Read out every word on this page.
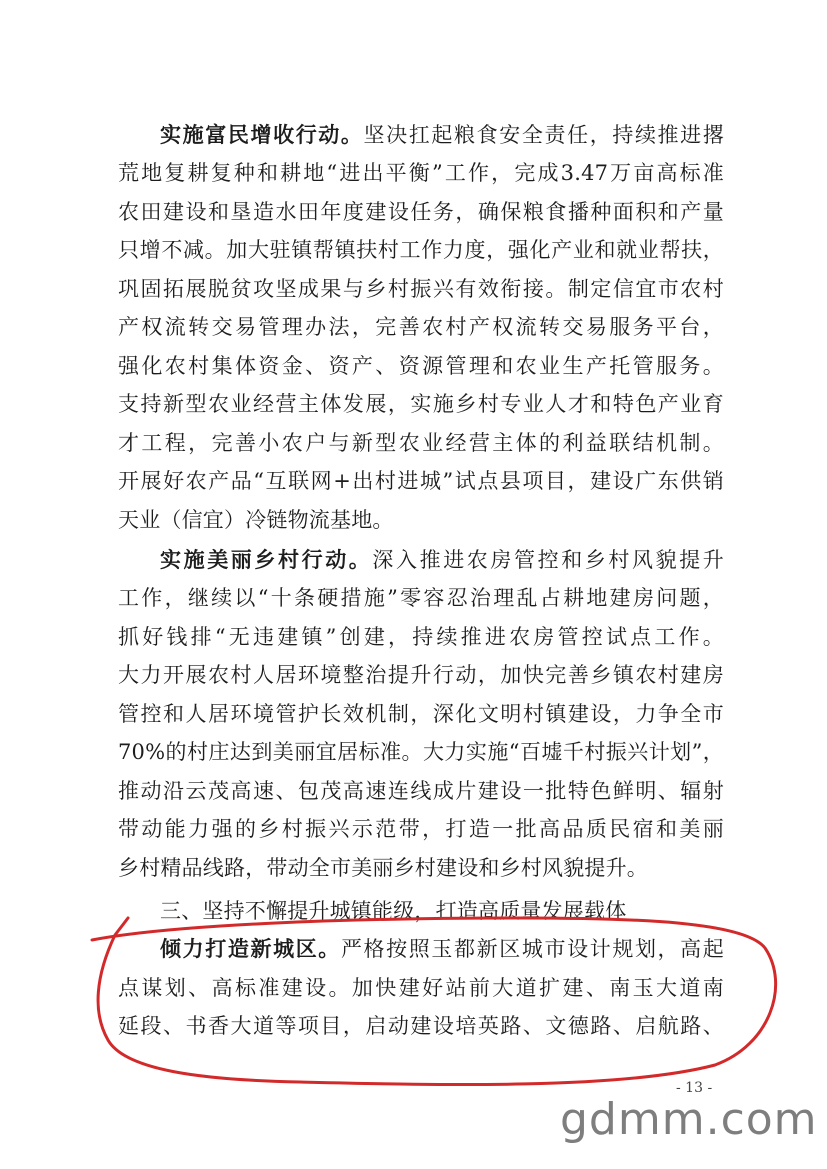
实施富民增收行动。坚决扛起粮食安全责任，持续推进撂
荒地复耕复种和耕地“进出平衡”工作，完成3.47万亩高标准
农田建设和垦造水田年度建设任务，确保粮食播种面积和产量
只增不减。加大驻镇帮镇扶村工作力度，强化产业和就业帮扶，
巩固拓展脱贫攻坚成果与乡村振兴有效衔接。制定信宜市农村
产权流转交易管理办法，完善农村产权流转交易服务平台，
强化农村集体资金、资产、资源管理和农业生产托管服务。
支持新型农业经营主体发展，实施乡村专业人才和特色产业育
才工程，完善小农户与新型农业经营主体的利益联结机制。
开展好农产品“互联网+出村进城”试点县项目，建设广东供销
天业（信宜）冷链物流基地。
实施美丽乡村行动。深入推进农房管控和乡村风貌提升
工作，继续以“十条硬措施”零容忍治理乱占耕地建房问题，
抓好钱排“无违建镇”创建，持续推进农房管控试点工作。
大力开展农村人居环境整治提升行动，加快完善乡镇农村建房
管控和人居环境管护长效机制，深化文明村镇建设，力争全市
70%的村庄达到美丽宜居标准。大力实施“百墟千村振兴计划”，
推动沿云茂高速、包茂高速连线成片建设一批特色鲜明、辐射
带动能力强的乡村振兴示范带，打造一批高品质民宿和美丽
乡村精品线路，带动全市美丽乡村建设和乡村风貌提升。
三、坚持不懈提升城镇能级，打造高质量发展载体
倾力打造新城区。严格按照玉都新区城市设计规划，高起
点谋划、高标准建设。加快建好站前大道扩建、南玉大道南
延段、书香大道等项目，启动建设培英路、文德路、启航路、
- 13 -
gdmm.com
